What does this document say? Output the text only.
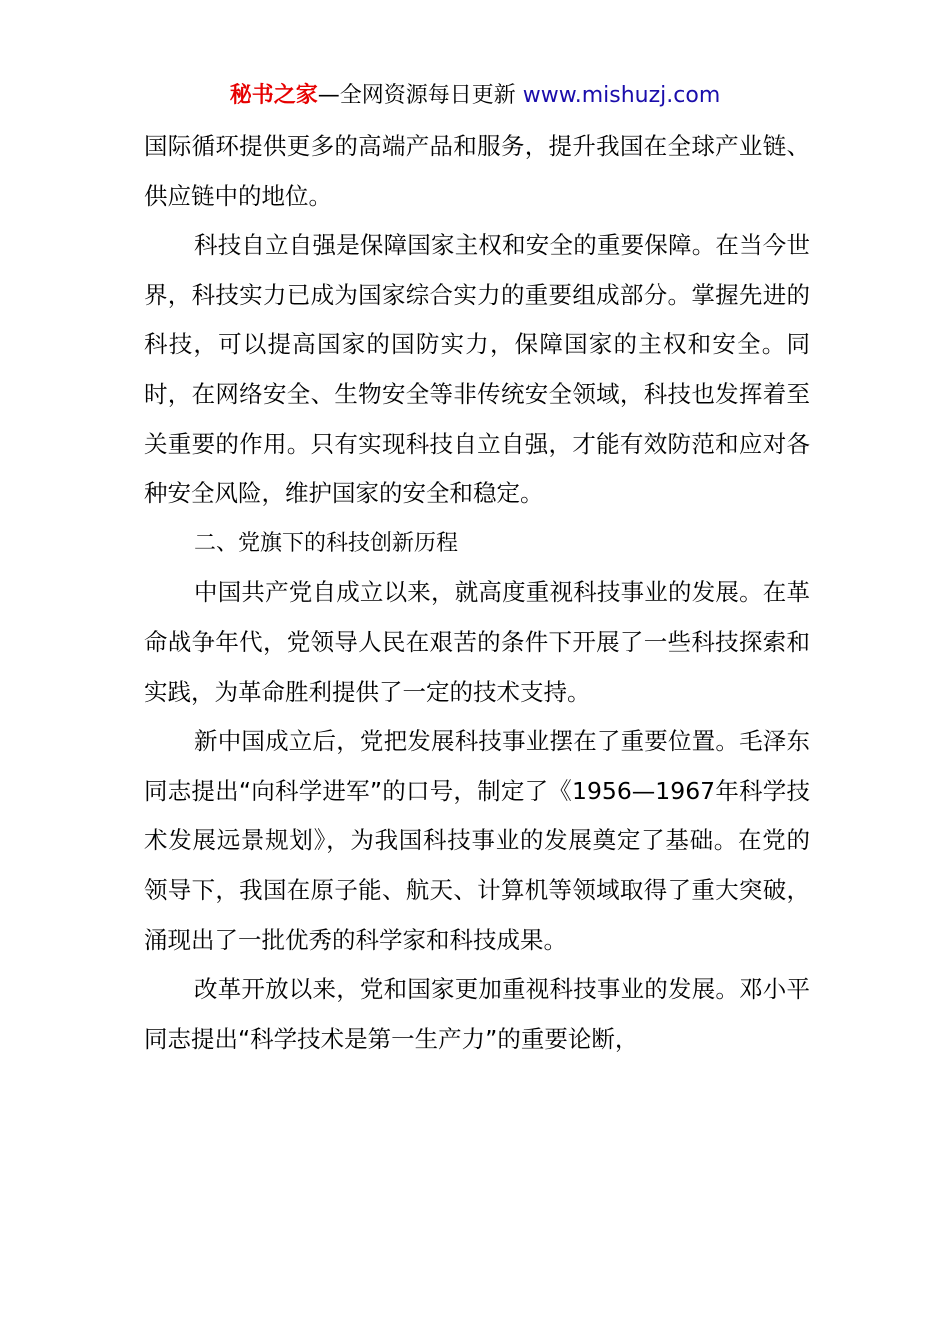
秘书之家—全网资源每日更新 www.mishuzj.com

国际循环提供更多的高端产品和服务，提升我国在全球产业链、供应链中的地位。

科技自立自强是保障国家主权和安全的重要保障。在当今世界，科技实力已成为国家综合实力的重要组成部分。掌握先进的科技，可以提高国家的国防实力，保障国家的主权和安全。同时，在网络安全、生物安全等非传统安全领域，科技也发挥着至关重要的作用。只有实现科技自立自强，才能有效防范和应对各种安全风险，维护国家的安全和稳定。

二、党旗下的科技创新历程

中国共产党自成立以来，就高度重视科技事业的发展。在革命战争年代，党领导人民在艰苦的条件下开展了一些科技探索和实践，为革命胜利提供了一定的技术支持。

新中国成立后，党把发展科技事业摆在了重要位置。毛泽东同志提出“向科学进军”的口号，制定了《1956—1967年科学技术发展远景规划》，为我国科技事业的发展奠定了基础。在党的领导下，我国在原子能、航天、计算机等领域取得了重大突破，涌现出了一批优秀的科学家和科技成果。

改革开放以来，党和国家更加重视科技事业的发展。邓小平同志提出“科学技术是第一生产力”的重要论断，
